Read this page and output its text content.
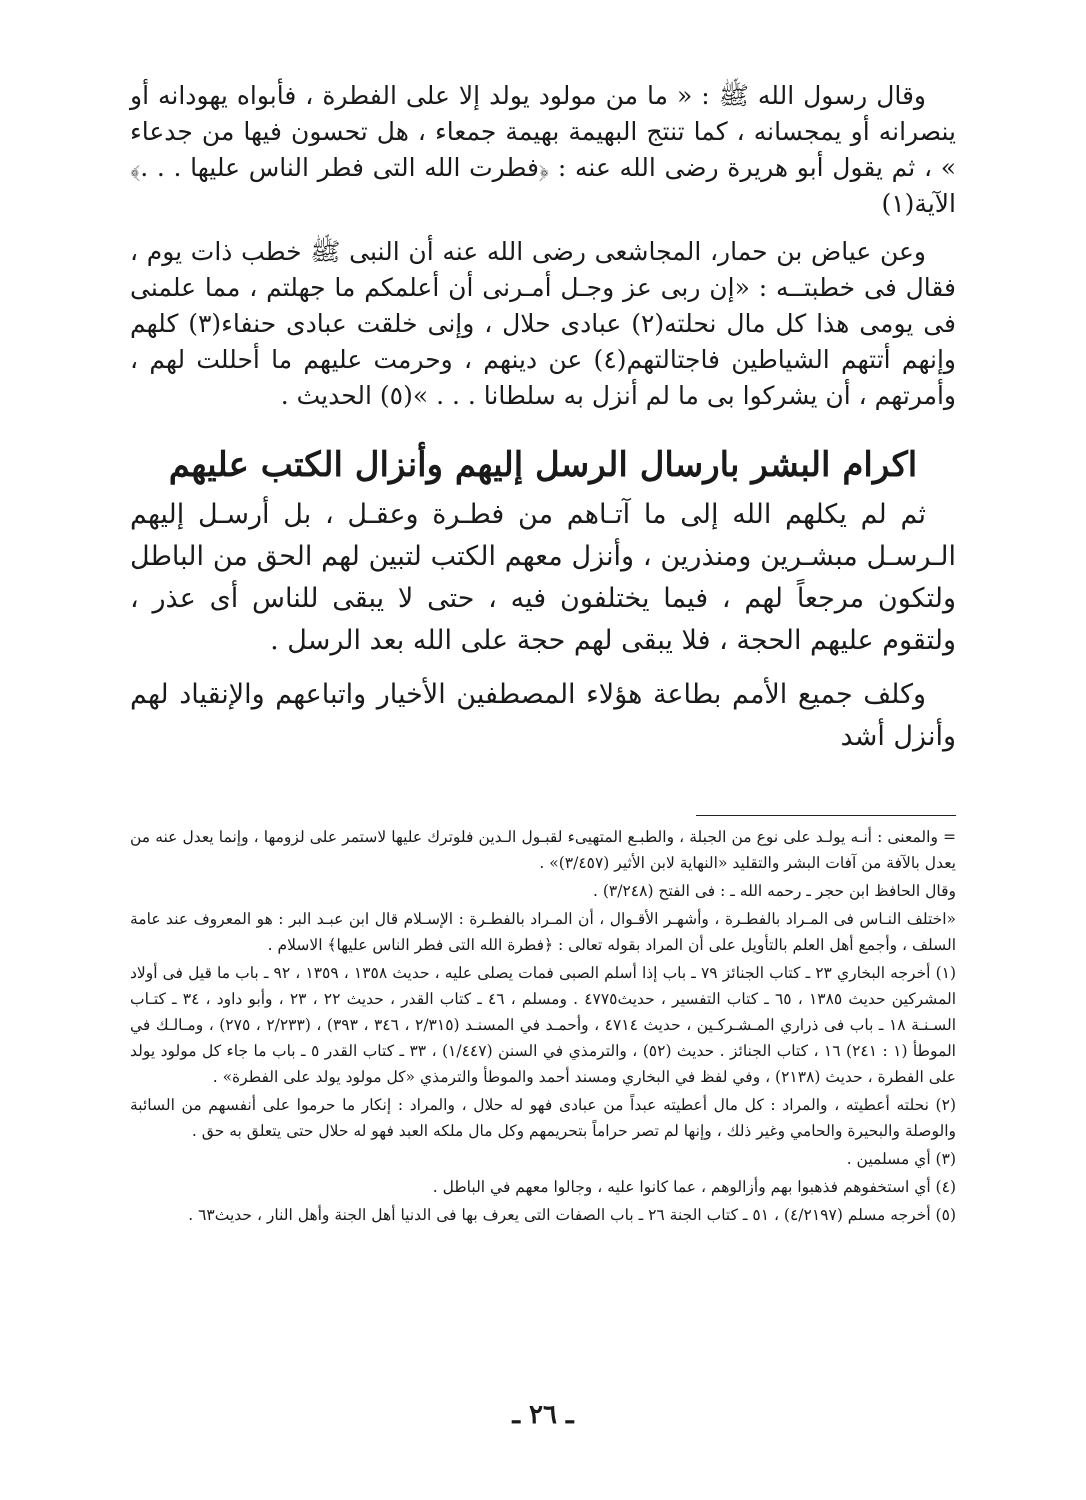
وقال رسول الله ﷺ : « ما من مولود يولد إلا على الفطرة ، فأبواه يهودانه أو ينصرانه أو يمجسانه ، كما تنتج البهيمة بهيمة جمعاء ، هل تحسون فيها من جدعاء » ، ثم يقول أبو هريرة رضى الله عنه : ﴿فطرت الله التى فطر الناس عليها . . .﴾ الآية(١)

وعن عياض بن حمار، المجاشعى رضى الله عنه أن النبى ﷺ خطب ذات يوم ، فقال فى خطبتــه : «إن ربى عز وجـل أمـرنى أن أعلمكم ما جهلتم ، مما علمنى فى يومى هذا كل مال نحلته(٢) عبادى حلال ، وإنى خلقت عبادى حنفاء(٣) كلهم وإنهم أتتهم الشياطين فاجتالتهم(٤) عن دينهم ، وحرمت عليهم ما أحللت لهم ، وأمرتهم ، أن يشركوا بى ما لم أنزل به سلطانا . . . »(٥) الحديث .

اكرام البشر بارسال الرسل إليهم وأنزال الكتب عليهم

ثم لم يكلهم الله إلى ما آتـاهم من فطـرة وعقـل ، بل أرسـل إليهم الـرسـل مبشـرين ومنذرين ، وأنزل معهم الكتب لتبين لهم الحق من الباطل ولتكون مرجعاً لهم ، فيما يختلفون فيه ، حتى لا يبقى للناس أى عذر ، ولتقوم عليهم الحجة ، فلا يبقى لهم حجة على الله بعد الرسل .

وكلف جميع الأمم بطاعة هؤلاء المصطفين الأخيار واتباعهم والإنقياد لهم وأنزل أشد

= والمعنى : أنـه يولـد على نوع من الجبلة ، والطبـع المتهيىء لقبـول الـدين فلوترك عليها لاستمر على لزومها ، وإنما يعدل عنه من يعدل بالآفة من آفات البشر والتقليد «النهاية لابن الأثير (٣/٤٥٧)» .

وقال الحافظ ابن حجر ـ رحمه الله ـ : فى الفتح (٣/٢٤٨) .

«اختلف النـاس فى المـراد بالفطـرة ، وأشهـر الأقـوال ، أن المـراد بالفطـرة : الإسـلام قال ابن عبـد البر : هو المعروف عند عامة السلف ، وأجمع أهل العلم بالتأويل على أن المراد بقوله تعالى : ﴿فطرة الله التى فطر الناس عليها﴾ الاسلام .

(١) أخرجه البخاري ٢٣ ـ كتاب الجنائز ٧٩ ـ باب إذا أسلم الصبى فمات يصلى عليه ، حديث ١٣٥٨ ، ١٣٥٩ ، ٩٢ ـ باب ما قيل فى أولاد المشركين حديث ١٣٨٥ ، ٦٥ ـ كتاب التفسير ، حديث٤٧٧٥ . ومسلم ، ٤٦ ـ كتاب القدر ، حديث ٢٢ ، ٢٣ ، وأبو داود ، ٣٤ ـ كتـاب السـنـة ١٨ ـ باب فى ذراري المـشـركـين ، حديث ٤٧١٤ ، وأحمـد في المسنـد (٢/٣١٥ ، ٣٤٦ ، ٣٩٣) ، (٢/٢٣٣ ، ٢٧٥) ، ومـالـك في الموطأ (١ : ٢٤١) ١٦ ، كتاب الجنائز . حديث (٥٢) ، والترمذي في السنن (١/٤٤٧) ، ٣٣ ـ كتاب القدر ٥ ـ باب ما جاء كل مولود يولد على الفطرة ، حديث (٢١٣٨) ، وفي لفظ في البخاري ومسند أحمد والموطأ والترمذي «كل مولود يولد على الفطرة» .

(٢) نحلته أعطيته ، والمراد : كل مال أعطيته عبداً من عبادى فهو له حلال ، والمراد : إنكار ما حرموا على أنفسهم من السائبة والوصلة والبحيرة والحامي وغير ذلك ، وإنها لم تصر حراماً بتحريمهم وكل مال ملكه العبد فهو له حلال حتى يتعلق به حق .

(٣) أي مسلمين .

(٤) أي استخفوهم فذهبوا بهم وأزالوهم ، عما كانوا عليه ، وجالوا معهم في الباطل .

(٥) أخرجه مسلم (٤/٢١٩٧) ، ٥١ ـ كتاب الجنة ٢٦ ـ باب الصفات التى يعرف بها فى الدنيا أهل الجنة وأهل النار ، حديث٦٣ .

ـ ٢٦ ـ
